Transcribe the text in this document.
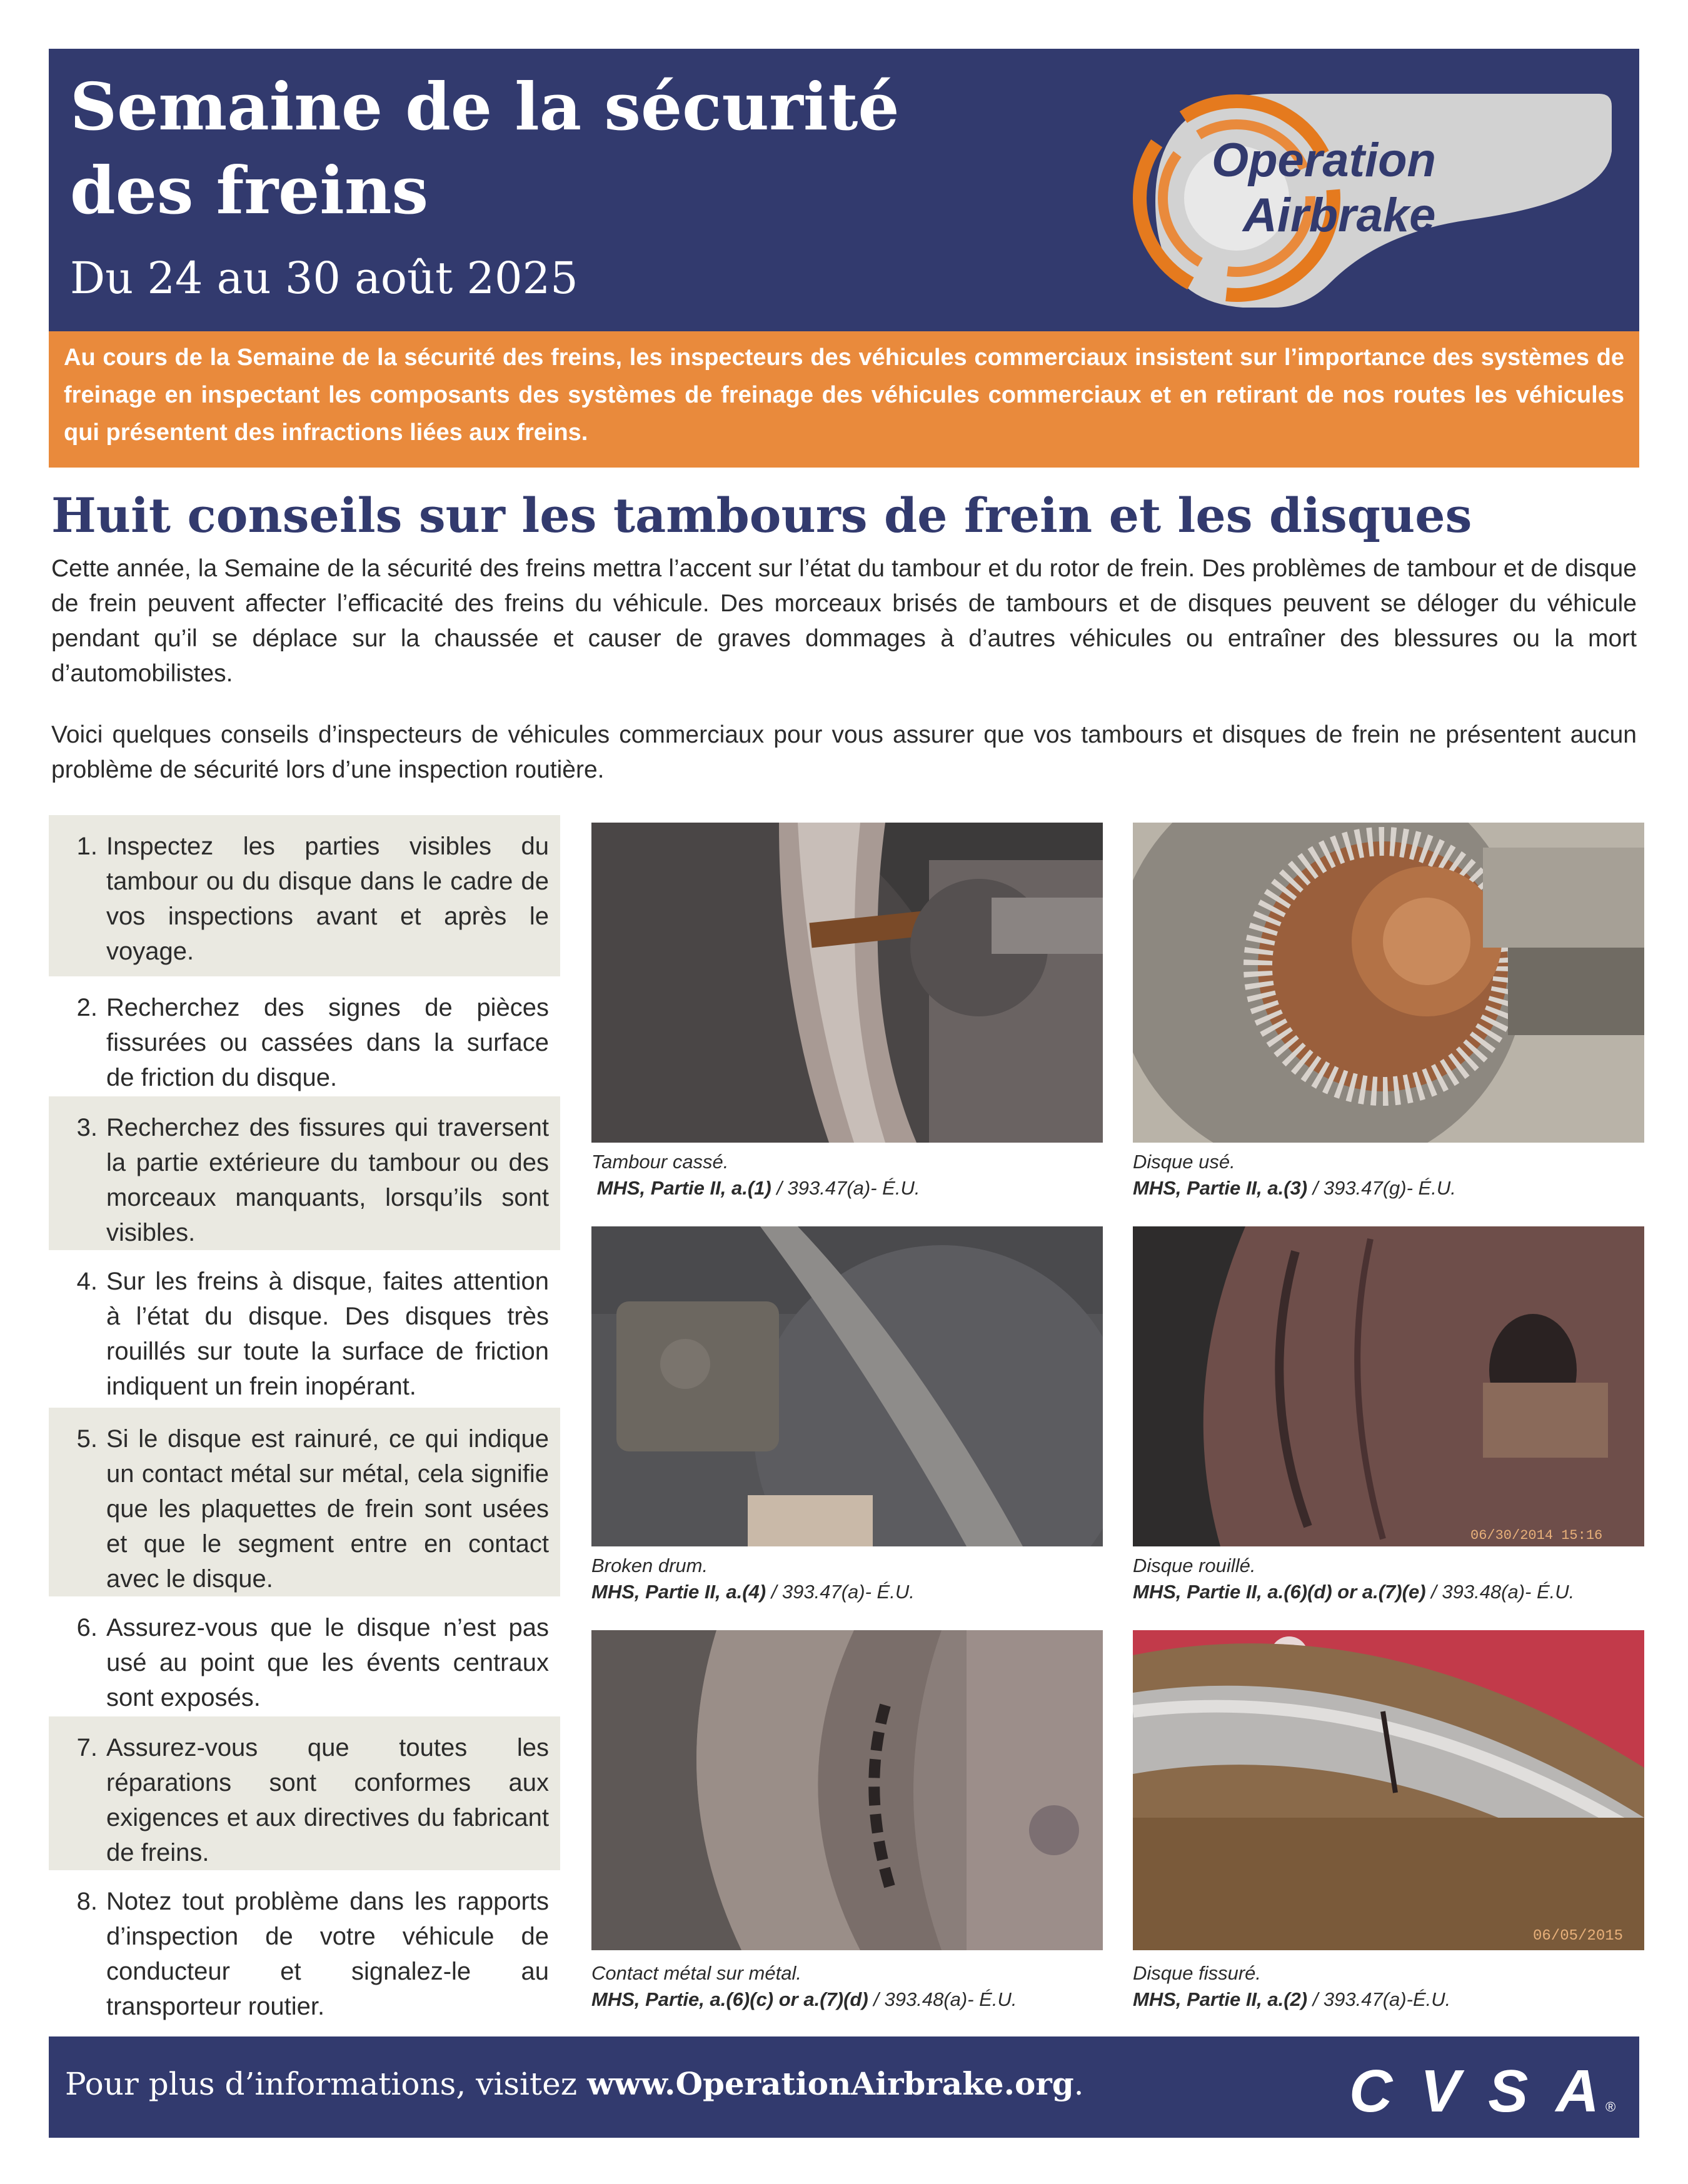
Semaine de la sécurité
des freins

Du 24 au 30 août 2025

Operation
Airbrake
Au cours de la Semaine de la sécurité des freins, les inspecteurs des véhicules commerciaux insistent sur l’importance des systèmes de freinage en inspectant les composants des systèmes de freinage des véhicules commerciaux et en retirant de nos routes les véhicules qui présentent des infractions liées aux freins.
Huit conseils sur les tambours de frein et les disques

Cette année, la Semaine de la sécurité des freins mettra l’accent sur l’état du tambour et du rotor de frein. Des problèmes de tambour et de disque de frein peuvent affecter l’efficacité des freins du véhicule. Des morceaux brisés de tambours et de disques peuvent se déloger du véhicule pendant qu’il se déplace sur la chaussée et causer de graves dommages à d’autres véhicules ou entraîner des blessures ou la mort d’automobilistes.

Voici quelques conseils d’inspecteurs de véhicules commerciaux pour vous assurer que vos tambours et disques de frein ne présentent aucun problème de sécurité lors d’une inspection routière.

1. Inspectez les parties visibles du tambour ou du disque dans le cadre de vos inspections avant et après le voyage.
2. Recherchez des signes de pièces fissurées ou cassées dans la surface de friction du disque.
3. Recherchez des fissures qui traversent la partie extérieure du tambour ou des morceaux manquants, lorsqu’ils sont visibles.
4. Sur les freins à disque, faites attention à l’état du disque. Des disques très rouillés sur toute la surface de friction indiquent un frein inopérant.
5. Si le disque est rainuré, ce qui indique un contact métal sur métal, cela signifie que les plaquettes de frein sont usées et que le segment entre en contact avec le disque.
6. Assurez-vous que le disque n’est pas usé au point que les évents centraux sont exposés.
7. Assurez-vous que toutes les réparations sont conformes aux exigences et aux directives du fabricant de freins.
8. Notez tout problème dans les rapports d’inspection de votre véhicule de conducteur et signalez-le au transporteur routier.
Tambour cassé.
MHS, Partie II, a.(1) / 393.47(a)- É.U.
Disque usé.
MHS, Partie II, a.(3) / 393.47(g)- É.U.
Broken drum.
MHS, Partie II, a.(4) / 393.47(a)- É.U.
06/30/2014 15:16
Disque rouillé.
MHS, Partie II, a.(6)(d) or a.(7)(e) / 393.48(a)- É.U.
Contact métal sur métal.
MHS, Partie, a.(6)(c) or a.(7)(d) / 393.48(a)- É.U.
06/05/2015
Disque fissuré.
MHS, Partie II, a.(2) / 393.47(a)-É.U.
Pour plus d’informations, visitez www.OperationAirbrake.org.	CVSA ®
